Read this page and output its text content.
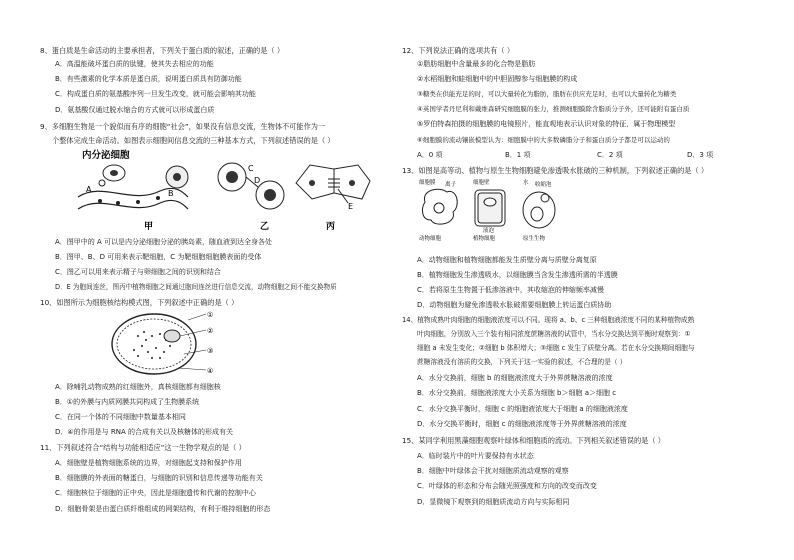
8、蛋白质是生命活动的主要承担者，下列关于蛋白质的叙述，正确的是（ ）
A．高温能破坏蛋白质的肽键，使其失去相应的功能
B．有些激素的化学本质是蛋白质，说明蛋白质具有防御功能
C．构成蛋白质的氨基酸序列一旦发生改变，就可能会影响其功能
D．氨基酸仅通过脱水缩合的方式就可以形成蛋白质
9、多细胞生物是一个貌似而有序的细胞“社会”，如果没有信息交流，生物体不可能作为一
个整体完成生命活动。如图表示细胞间信息交流的三种基本方式，下列叙述错误的是（ ）
内分泌细胞
A	B
甲
C
D
乙
E
丙
A．图甲中的 A 可以是内分泌细胞分泌的胰岛素，随血液到达全身各处
B．图甲、B、D 可用来表示靶细胞，C 为靶细胞细胞膜表面的受体
C．图乙可以用来表示精子与卵细胞之间的识别和结合
D．E 为胞间连丝，图丙中植物细胞之间通过胞间连丝进行信息交流，动物细胞之间不能交换物质
10、如图所示为细胞核结构模式图，下列叙述中正确的是（ ）
①
②
③
④
A．除哺乳动物成熟的红细胞外，真核细胞都有细胞核
B．①的外膜与内质网膜共同构成了生物膜系统
C．在同一个体的不同细胞中数量基本相同
D．④的作用是与 RNA 的合成有关以及核糖体的形成有关
11、下列叙述符合“结构与功能相适应”这一生物学观点的是（ ）
A．细胞壁是植物细胞系统的边界，对细胞起支持和保护作用
B．细胞膜的外表面的糖蛋白，与细胞的识别和信息传递等功能有关
C．细胞核位于细胞的正中央，因此是细胞遗传和代谢的控制中心
D．细胞骨架是由蛋白质纤维组成的网架结构，有利于维持细胞的形态
12、下列说法正确的选项共有（ ）
①脂肪细胞中含量最多的化合物是脂肪
②水稻细胞和蛙细胞中的中胆固醇参与细胞膜的构成
③糖类在供能充足的时，可以大量转化为脂肪，脂肪在供应充足时，也可以大量转化为糖类
④英国学者丹尼利和戴维森研究细胞膜的张力，推测细胞膜除含脂质分子外，还可能附有蛋白质
⑤罗伯特森拍摄的细胞膜的电镜照片，能直观地表示认识对象的特征，属于物理模型
⑥细胞膜的流动镶嵌模型认为：细胞膜中的大多数磷脂分子和蛋白质分子都是可以运动的
A．0 项	B．1 项	C．2 项	D．3 项
13、如图是高等动、植物与原生生物细胞避免渗透吸水胀破的三种机制，下列叙述正确的是（ ）
细胞膜 离子
动物细胞
细胞壁
液泡
植物细胞
水 收缩泡
原生生物
A．动物细胞和植物细胞都能发生质壁分离与质壁分离复原
B．植物细胞发生渗透吸水，以细胞膜当含发生渗透所需的半透膜
C．若将原生生物置于低渗溶液中，其收缩泡的伸缩频率减慢
D．动物细胞为避免渗透吸水胀破需要细胞膜上转运蛋白质协助
14、植物成熟叶肉细胞的细胞液浓度可以不同。现将 a、b、c 三种细胞液浓度不同的某种植物成熟
叶肉细胞，分别放入三个装有相同浓度蔗糖溶液的试管中，当水分交换达到平衡时观察到：①
细胞 a 未发生变化；②细胞 b 体积增大；③细胞 c 发生了质壁分离。若在水分交换期间细胞与
蔗糖溶液没有溶质的交换，下列关于这一实验的叙述，不合理的是（ ）
A．水分交换前，细胞 b 的细胞液浓度大于外界蔗糖溶液的浓度
B．水分交换前，细胞液浓度大小关系为细胞 b＞细胞 a＞细胞 c
C．水分交换平衡时，细胞 c 的细胞液浓度大于细胞 a 的细胞液浓度
D．水分交换平衡时，细胞 c 的细胞液浓度等于外界蔗糖溶液的浓度
15、某同学利用黑藻细胞观察叶绿体和细胞质的流动。下列相关叙述错误的是（ ）
A．临时装片中的叶片要保持有水状态
B．细胞中叶绿体会干扰对细胞质流动观察的观察
C．叶绿体的形态和分布会随光照强度和方向的改变而改变
D．显微镜下观察到的细胞质流动方向与实际相同
